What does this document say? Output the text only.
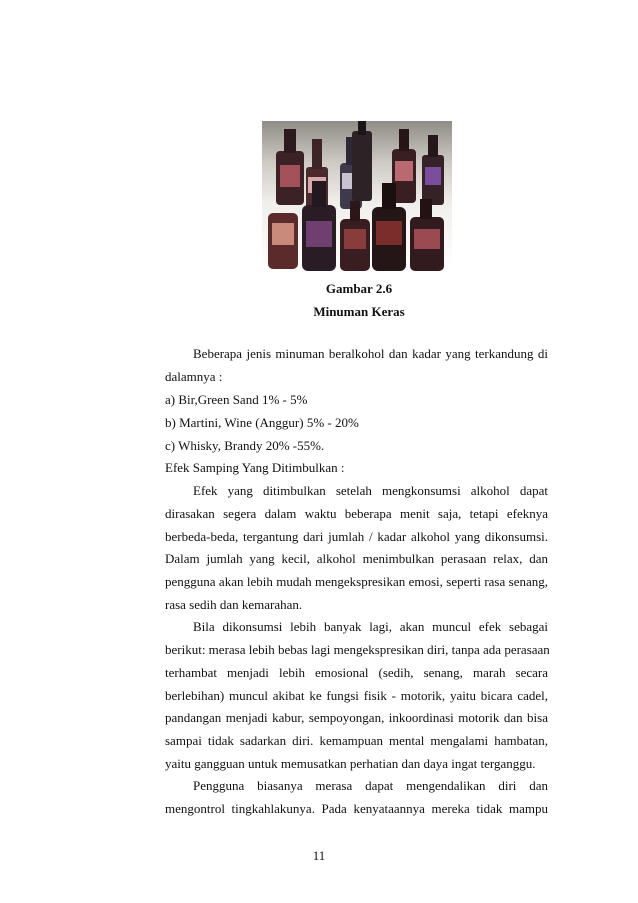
Gambar 2.6
Minuman Keras
Beberapa jenis minuman beralkohol dan kadar yang terkandung di
dalamnya :
a) Bir,Green Sand 1% - 5%
b) Martini, Wine (Anggur) 5% - 20%
c) Whisky, Brandy 20% -55%.
Efek Samping Yang Ditimbulkan :
Efek yang ditimbulkan setelah mengkonsumsi alkohol dapat
dirasakan segera dalam waktu beberapa menit saja, tetapi efeknya
berbeda-beda, tergantung dari jumlah / kadar alkohol yang dikonsumsi.
Dalam jumlah yang kecil, alkohol menimbulkan perasaan relax, dan
pengguna akan lebih mudah mengekspresikan emosi, seperti rasa senang,
rasa sedih dan kemarahan.
Bila dikonsumsi lebih banyak lagi, akan muncul efek sebagai
berikut: merasa lebih bebas lagi mengekspresikan diri, tanpa ada perasaan
terhambat menjadi lebih emosional (sedih, senang, marah secara
berlebihan) muncul akibat ke fungsi fisik - motorik, yaitu bicara cadel,
pandangan menjadi kabur, sempoyongan, inkoordinasi motorik dan bisa
sampai tidak sadarkan diri. kemampuan mental mengalami hambatan,
yaitu gangguan untuk memusatkan perhatian dan daya ingat terganggu.
Pengguna biasanya merasa dapat mengendalikan diri dan
mengontrol tingkahlakunya. Pada kenyataannya mereka tidak mampu
11
